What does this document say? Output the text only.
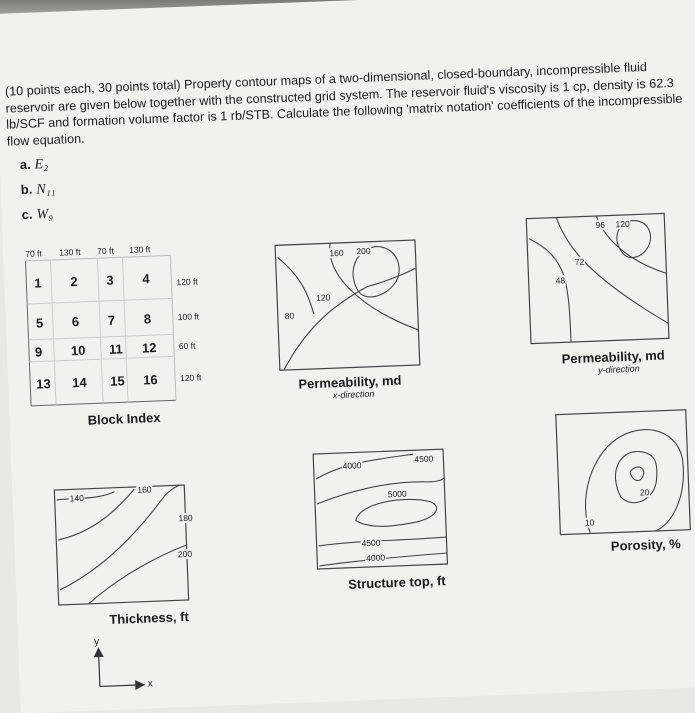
(10 points each, 30 points total) Property contour maps of a two-dimensional, closed-boundary, incompressible fluid reservoir are given below together with the constructed grid system. The reservoir fluid's viscosity is 1 cp, density is 62.3 lb/SCF and formation volume factor is 1 rb/STB. Calculate the following 'matrix notation' coefficients of the incompressible flow equation.
a. E₂
b. N₁₁
c. W₉
70 ft 130 ft 70 ft 130 ft
120 ft
100 ft
60 ft
120 ft
1 2 3 4
5 6 7 8
9 10 11 12
13 14 15 16
Block Index
80
120
160 200
Permeability, md
x-direction
48
72
96 120
Permeability, md
y-direction
140
160
180
200
Thickness, ft
4000
4500
5000
4500
4000
Structure top, ft
10
20
Porosity, %
y
x
